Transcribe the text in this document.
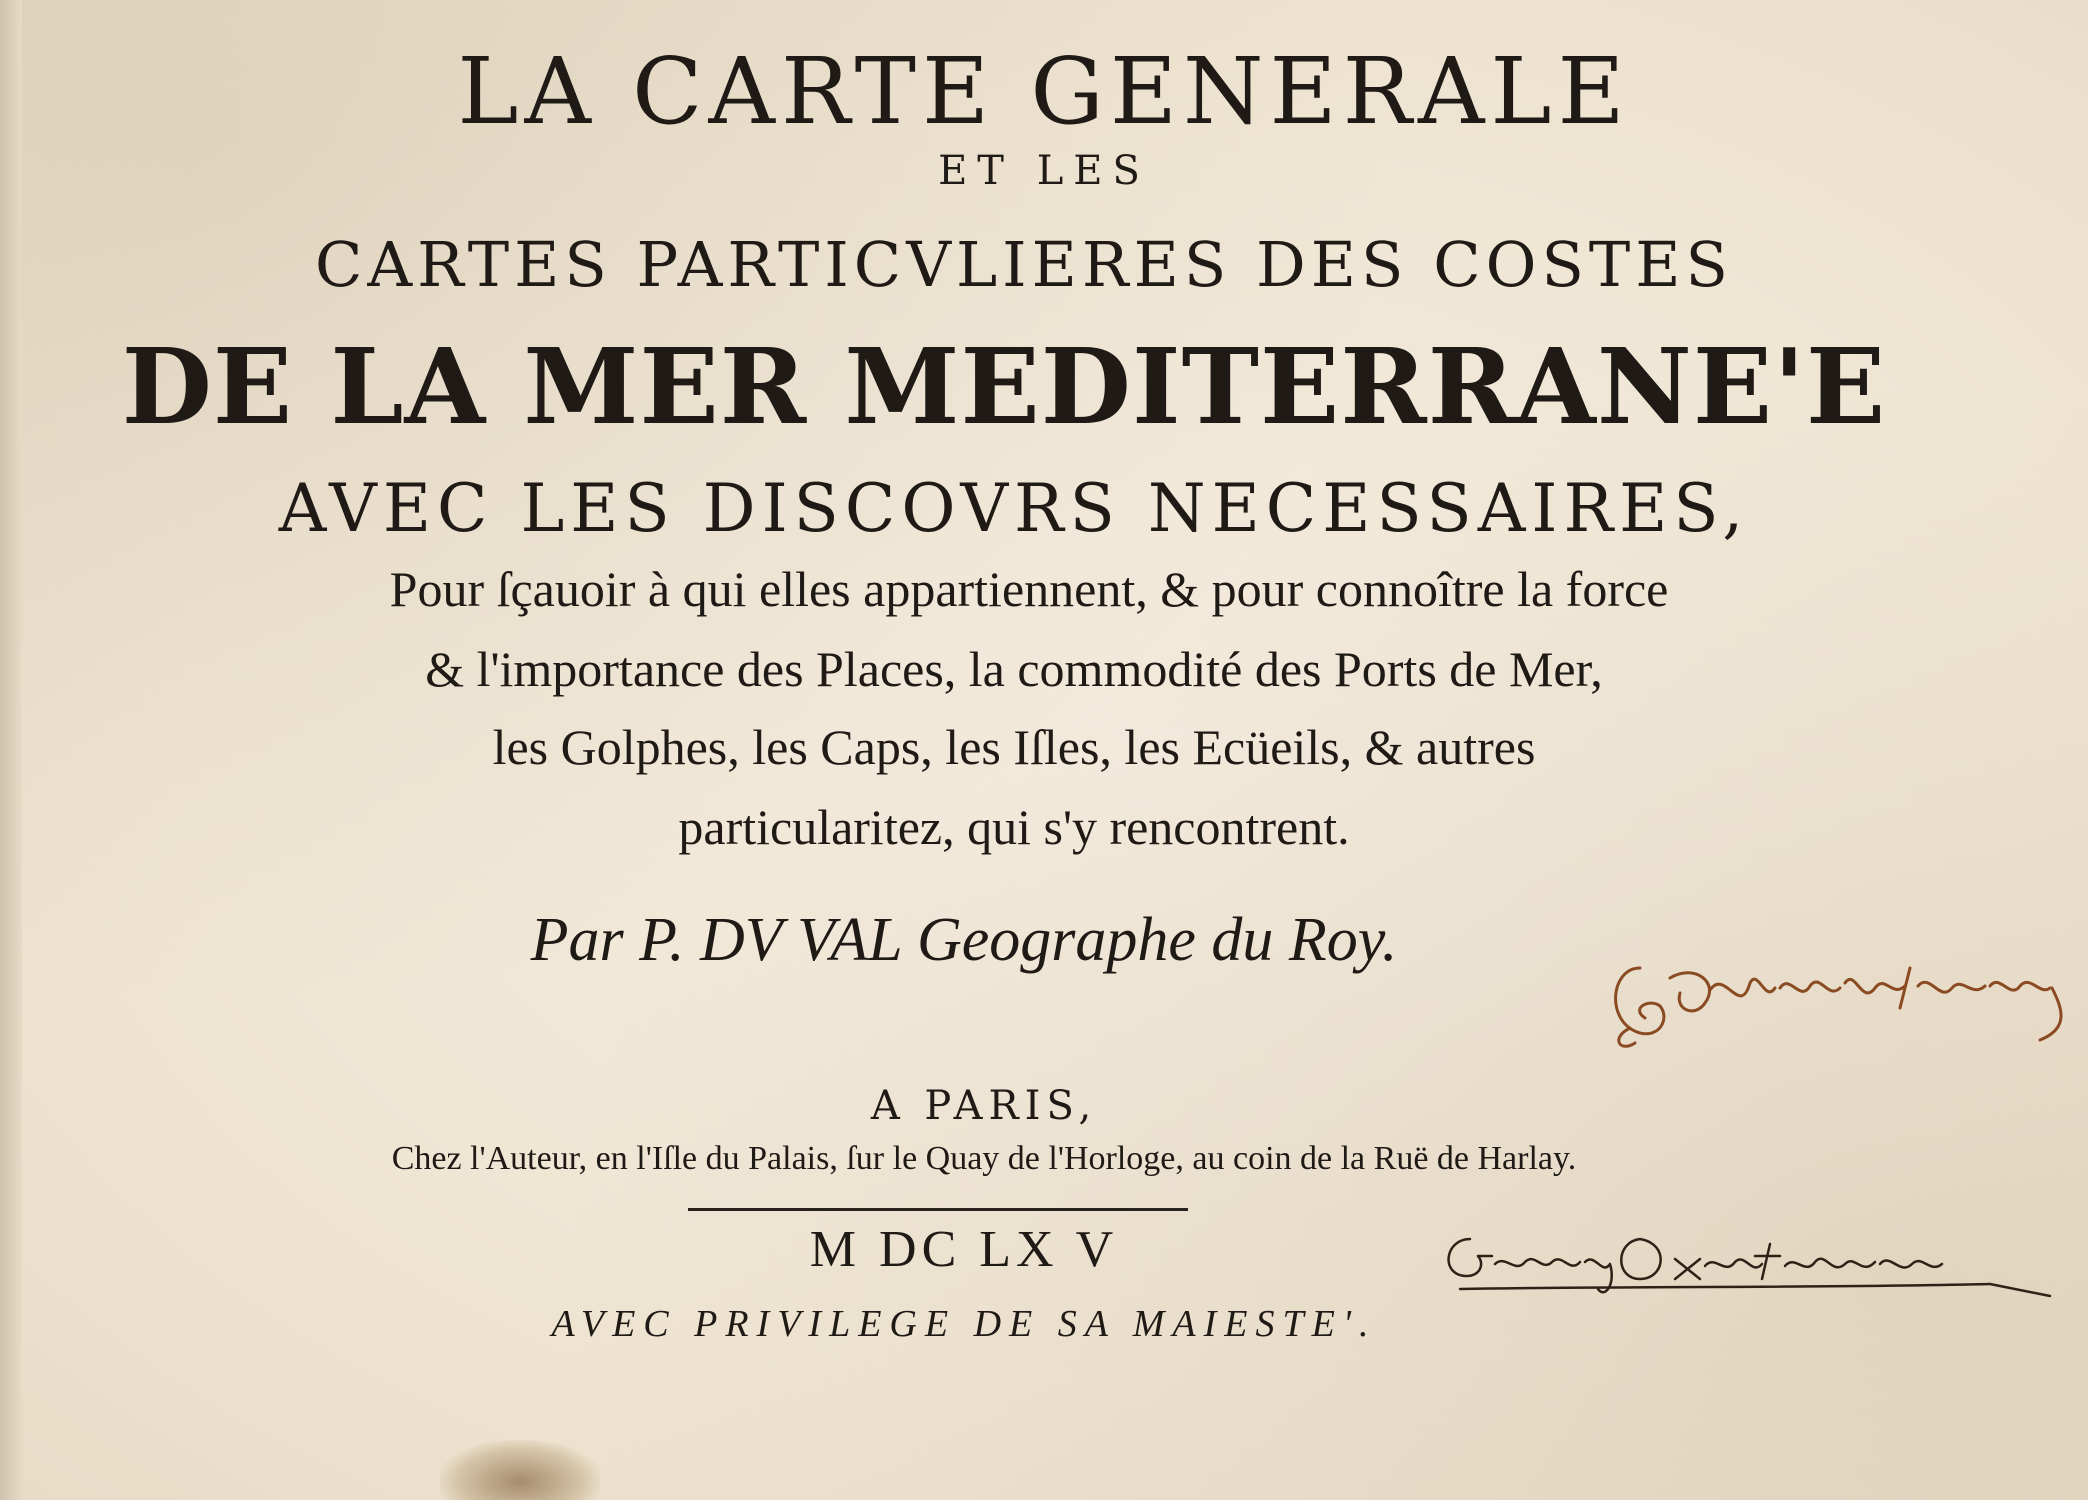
LA CARTE GENERALE

ET LES

CARTES PARTICVLIERES DES COSTES

DE LA MER MEDITERRANE'E

AVEC LES DISCOVRS NECESSAIRES,

Pour ſçauoir à qui elles appartiennent, & pour connoître la force

& l'importance des Places, la commodité des Ports de Mer,

les Golphes, les Caps, les Iſles, les Ecüeils, & autres

particularitez, qui s'y rencontrent.

Par P. DV VAL Geographe du Roy.

A PARIS,

Chez l'Auteur, en l'Iſle du Palais, ſur le Quay de l'Horloge, au coin de la Ruë de Harlay.

M DC LX V

AVEC PRIVILEGE DE SA MAIESTE'.
